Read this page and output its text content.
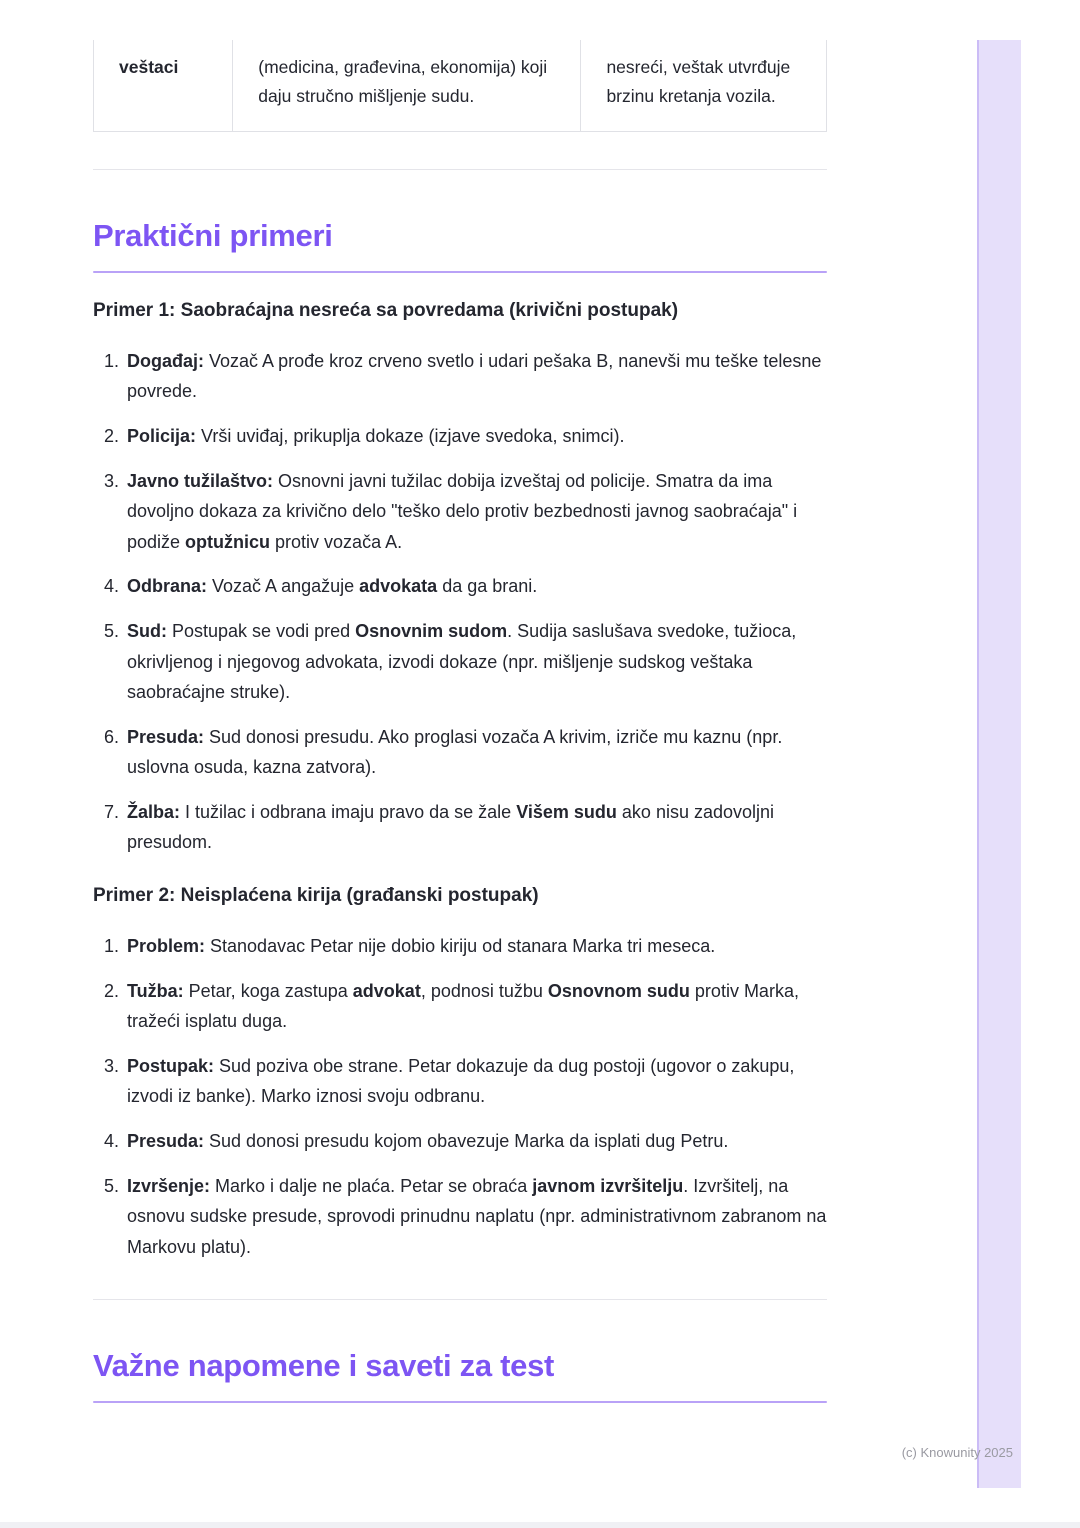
veštaci	(medicina, građevina, ekonomija) koji daju stručno mišljenje sudu.	nesreći, veštak utvrđuje brzinu kretanja vozila.
Praktični primeri
Primer 1: Saobraćajna nesreća sa povredama (krivični postupak)
1. Događaj: Vozač A prođe kroz crveno svetlo i udari pešaka B, nanevši mu teške telesne povrede.
2. Policija: Vrši uviđaj, prikuplja dokaze (izjave svedoka, snimci).
3. Javno tužilaštvo: Osnovni javni tužilac dobija izveštaj od policije. Smatra da ima dovoljno dokaza za krivično delo "teško delo protiv bezbednosti javnog saobraćaja" i podiže optužnicu protiv vozača A.
4. Odbrana: Vozač A angažuje advokata da ga brani.
5. Sud: Postupak se vodi pred Osnovnim sudom. Sudija saslušava svedoke, tužioca, okrivljenog i njegovog advokata, izvodi dokaze (npr. mišljenje sudskog veštaka saobraćajne struke).
6. Presuda: Sud donosi presudu. Ako proglasi vozača A krivim, izriče mu kaznu (npr. uslovna osuda, kazna zatvora).
7. Žalba: I tužilac i odbrana imaju pravo da se žale Višem sudu ako nisu zadovoljni presudom.
Primer 2: Neisplaćena kirija (građanski postupak)
1. Problem: Stanodavac Petar nije dobio kiriju od stanara Marka tri meseca.
2. Tužba: Petar, koga zastupa advokat, podnosi tužbu Osnovnom sudu protiv Marka, tražeći isplatu duga.
3. Postupak: Sud poziva obe strane. Petar dokazuje da dug postoji (ugovor o zakupu, izvodi iz banke). Marko iznosi svoju odbranu.
4. Presuda: Sud donosi presudu kojom obavezuje Marka da isplati dug Petru.
5. Izvršenje: Marko i dalje ne plaća. Petar se obraća javnom izvršitelju. Izvršitelj, na osnovu sudske presude, sprovodi prinudnu naplatu (npr. administrativnom zabranom na Markovu platu).
Važne napomene i saveti za test
(c) Knowunity 2025
